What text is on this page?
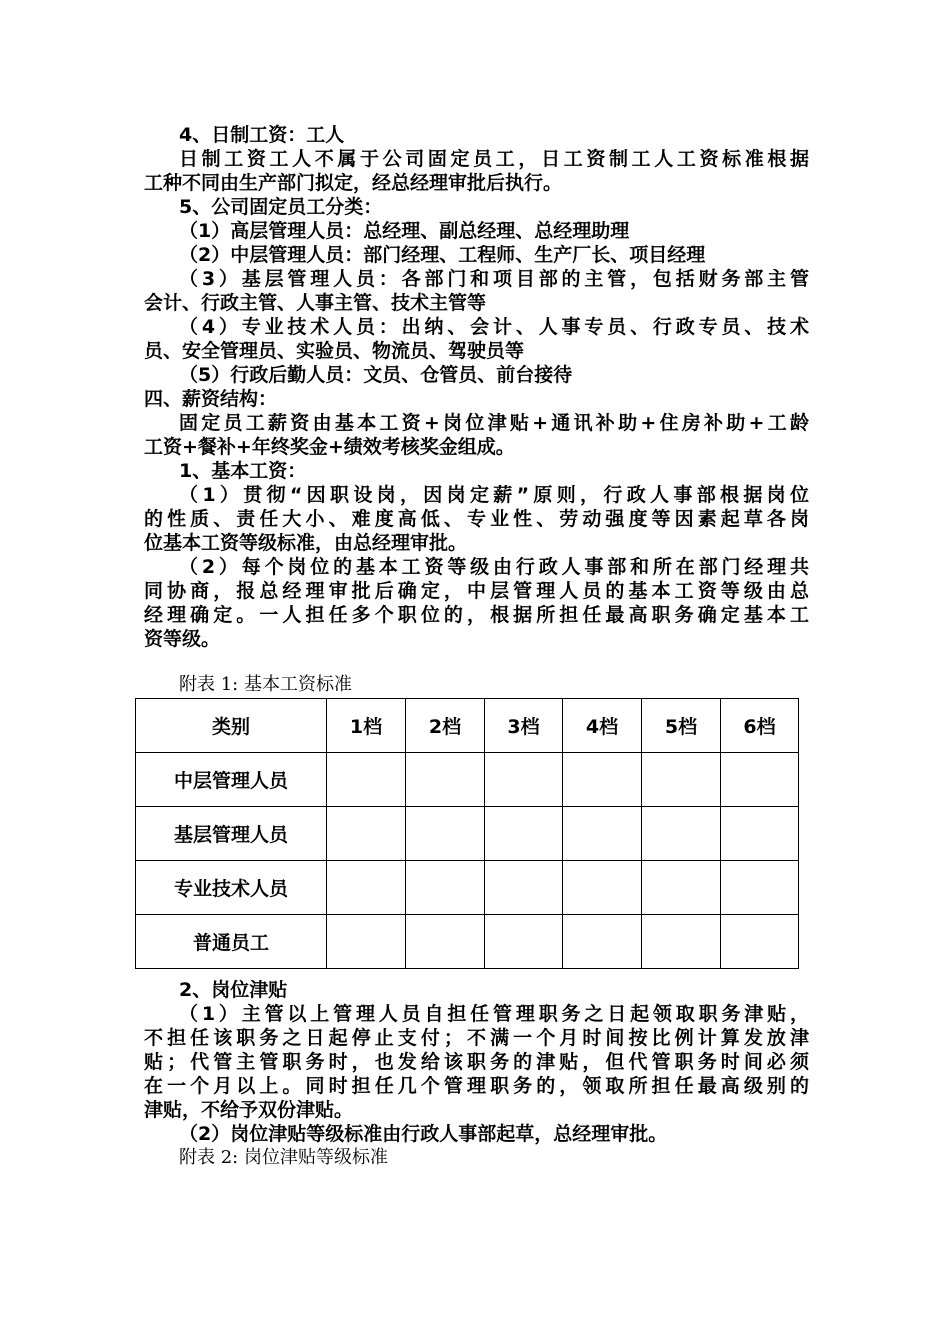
4、日制工资：工人
日制工资工人不属于公司固定员工，日工资制工人工资标准根据
工种不同由生产部门拟定，经总经理审批后执行。
5、公司固定员工分类：
（1）高层管理人员：总经理、副总经理、总经理助理
（2）中层管理人员：部门经理、工程师、生产厂长、项目经理
（3）基层管理人员：各部门和项目部的主管，包括财务部主管
会计、行政主管、人事主管、技术主管等
（4）专业技术人员：出纳、会计、人事专员、行政专员、技术
员、安全管理员、实验员、物流员、驾驶员等
（5）行政后勤人员：文员、仓管员、前台接待
四、薪资结构：
固定员工薪资由基本工资+岗位津贴+通讯补助+住房补助+工龄
工资+餐补+年终奖金+绩效考核奖金组成。
1、基本工资：
（1）贯彻“因职设岗，因岗定薪”原则，行政人事部根据岗位
的性质、责任大小、难度高低、专业性、劳动强度等因素起草各岗
位基本工资等级标准，由总经理审批。
（2）每个岗位的基本工资等级由行政人事部和所在部门经理共
同协商，报总经理审批后确定，中层管理人员的基本工资等级由总
经理确定。一人担任多个职位的，根据所担任最高职务确定基本工
资等级。
附表 1: 基本工资标准
类别	1档	2档	3档	4档	5档	6档
中层管理人员						
基层管理人员						
专业技术人员						
普通员工						
2、岗位津贴
（1）主管以上管理人员自担任管理职务之日起领取职务津贴，
不担任该职务之日起停止支付；不满一个月时间按比例计算发放津
贴；代管主管职务时，也发给该职务的津贴，但代管职务时间必须
在一个月以上。同时担任几个管理职务的，领取所担任最高级别的
津贴，不给予双份津贴。
（2）岗位津贴等级标准由行政人事部起草，总经理审批。
附表 2: 岗位津贴等级标准
